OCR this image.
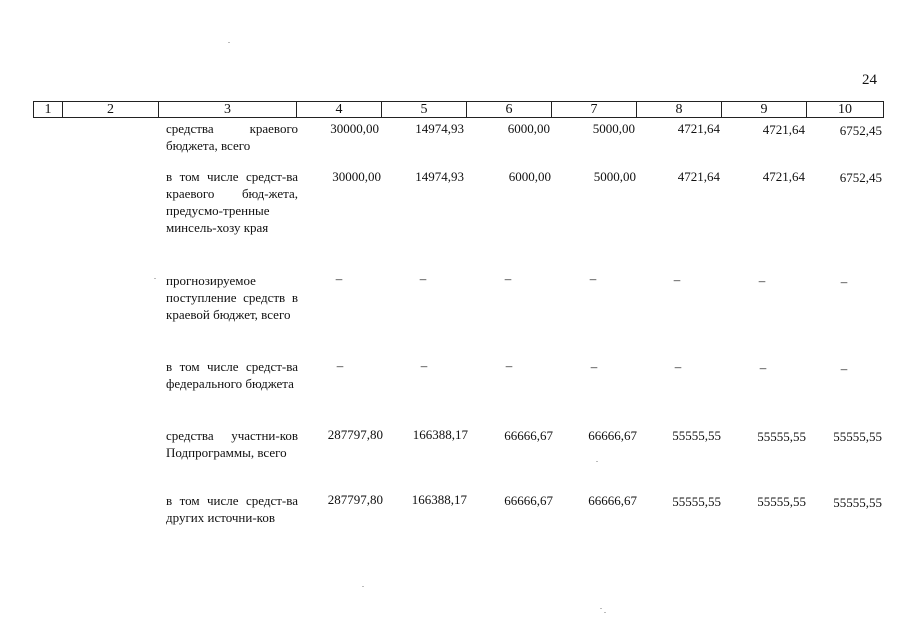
24
1	2	3	4	5	6	7	8	9	10
средства краевого бюджета, всего
30000,00	14974,93	6000,00	5000,00	4721,64	4721,64	6752,45
в том числе средст-ва краевого бюд-жета, предусмо-тренные минсель-хозу края
30000,00	14974,93	6000,00	5000,00	4721,64	4721,64	6752,45
прогнозируемое поступление средств в краевой бюджет, всего
–	–	–	–	–	–	–
в том числе средст-ва федерального бюджета
–	–	–	–	–	–	–
средства участни-ков Подпрограммы, всего
287797,80	166388,17	66666,67	66666,67	55555,55	55555,55	55555,55
в том числе средст-ва других источни-ков
287797,80	166388,17	66666,67	66666,67	55555,55	55555,55	55555,55
